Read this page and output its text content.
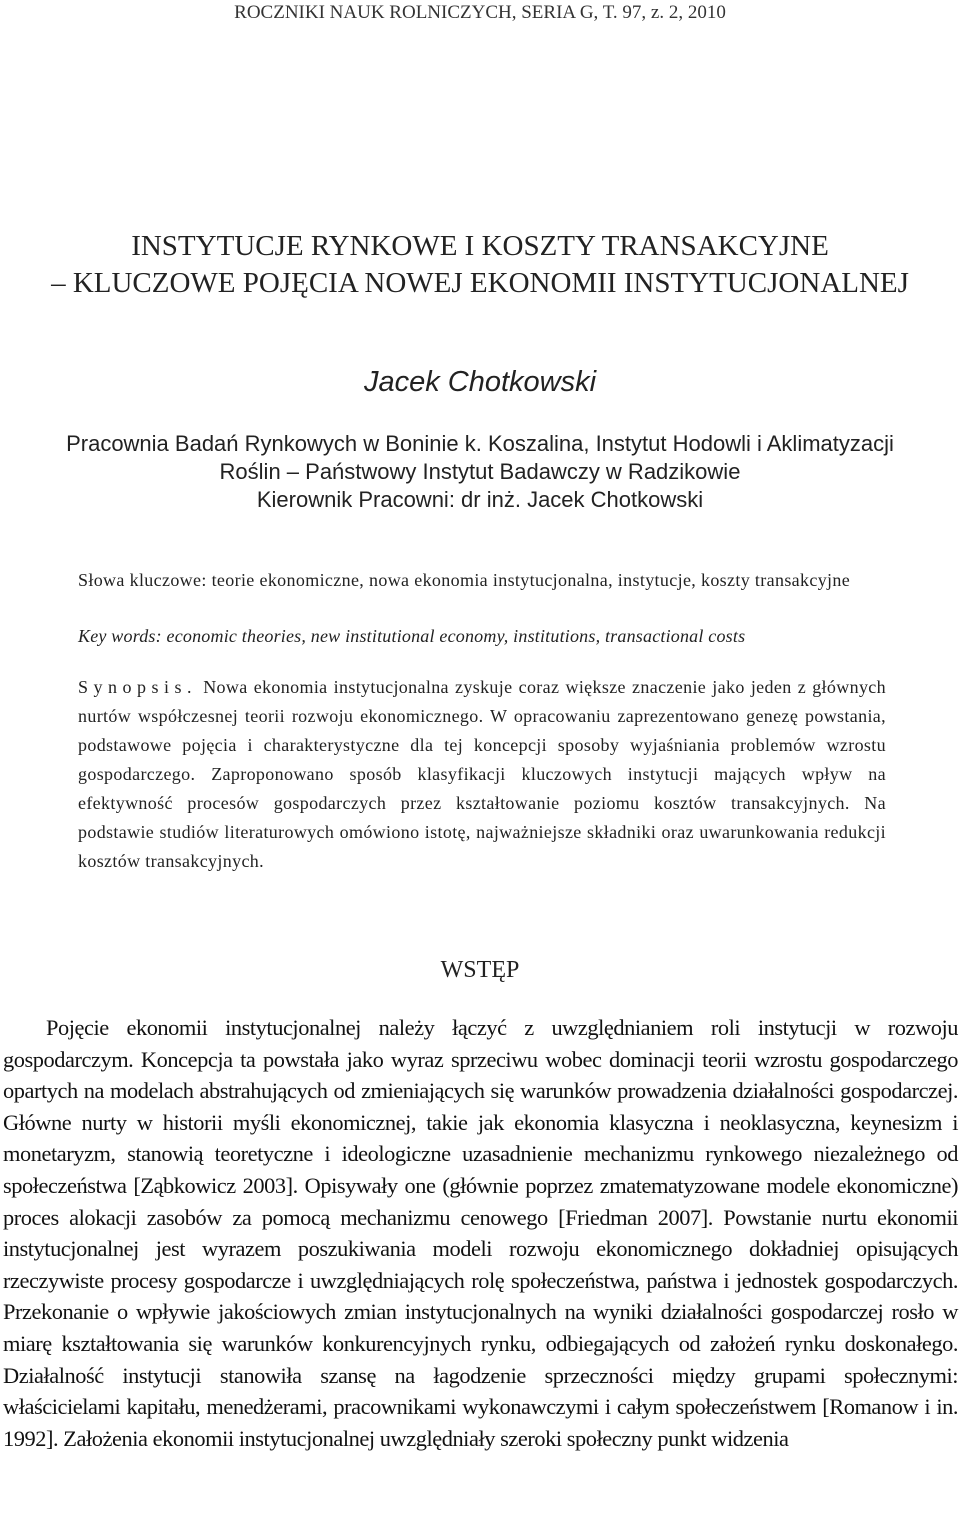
ROCZNIKI NAUK ROLNICZYCH, SERIA G, T. 97, z. 2, 2010
INSTYTUCJE RYNKOWE I KOSZTY TRANSAKCYJNE
– KLUCZOWE POJĘCIA NOWEJ EKONOMII INSTYTUCJONALNEJ
Jacek Chotkowski
Pracownia Badań Rynkowych w Boninie k. Koszalina, Instytut Hodowli i Aklimatyzacji
Roślin – Państwowy Instytut Badawczy w Radzikowie
Kierownik Pracowni: dr inż. Jacek Chotkowski
Słowa kluczowe: teorie ekonomiczne, nowa ekonomia instytucjonalna, instytucje, koszty transakcyjne
Key words: economic theories, new institutional economy, institutions, transactional costs
Synopsis. Nowa ekonomia instytucjonalna zyskuje coraz większe znaczenie jako jeden z głównych nurtów współczesnej teorii rozwoju ekonomicznego. W opracowaniu zaprezentowano genezę powstania, podstawowe pojęcia i charakterystyczne dla tej koncepcji sposoby wyjaśniania problemów wzrostu gospodarczego. Zaproponowano sposób klasyfikacji kluczowych instytucji mających wpływ na efektywność procesów gospodarczych przez kształtowanie poziomu kosztów transakcyjnych. Na podstawie studiów literaturowych omówiono istotę, najważniejsze składniki oraz uwarunkowania redukcji kosztów transakcyjnych.
WSTĘP

Pojęcie ekonomii instytucjonalnej należy łączyć z uwzględnianiem roli instytucji w rozwoju gospodarczym. Koncepcja ta powstała jako wyraz sprzeciwu wobec dominacji teorii wzrostu gospodarczego opartych na modelach abstrahujących od zmieniających się warunków prowadzenia działalności gospodarczej. Główne nurty w historii myśli ekonomicznej, takie jak ekonomia klasyczna i neoklasyczna, keynesizm i monetaryzm, stanowią teoretyczne i ideologiczne uzasadnienie mechanizmu rynkowego niezależnego od społeczeństwa [Ząbkowicz 2003]. Opisywały one (głównie poprzez zmatematyzowane modele ekonomiczne) proces alokacji zasobów za pomocą mechanizmu cenowego [Friedman 2007]. Powstanie nurtu ekonomii instytucjonalnej jest wyrazem poszukiwania modeli rozwoju ekonomicznego dokładniej opisujących rzeczywiste procesy gospodarcze i uwzględniających rolę społeczeństwa, państwa i jednostek gospodarczych. Przekonanie o wpływie jakościowych zmian instytucjonalnych na wyniki działalności gospodarczej rosło w miarę kształtowania się warunków konkurencyjnych rynku, odbiegających od założeń rynku doskonałego. Działalność instytucji stanowiła szansę na łagodzenie sprzeczności między grupami społecznymi: właścicielami kapitału, menedżerami, pracownikami wykonawczymi i całym społeczeństwem [Romanow i in. 1992]. Założenia ekonomii instytucjonalnej uwzględniały szeroki społeczny punkt widzenia
